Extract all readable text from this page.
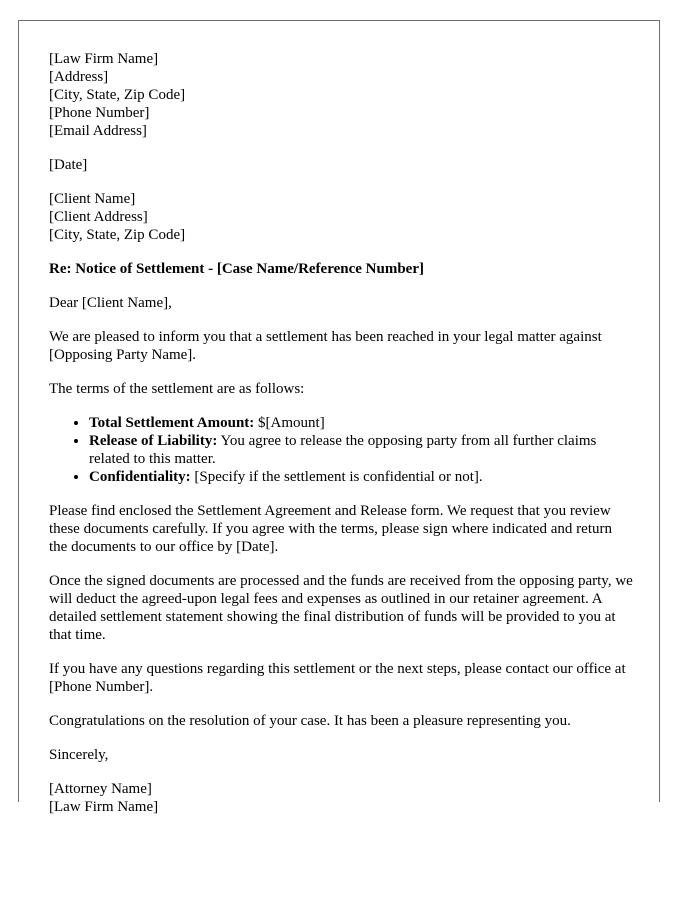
[Law Firm Name]
[Address]
[City, State, Zip Code]
[Phone Number]
[Email Address]

[Date]

[Client Name]
[Client Address]
[City, State, Zip Code]

Re: Notice of Settlement - [Case Name/Reference Number]

Dear [Client Name],

We are pleased to inform you that a settlement has been reached in your legal matter against [Opposing Party Name].

The terms of the settlement are as follows:

• Total Settlement Amount: $[Amount]
• Release of Liability: You agree to release the opposing party from all further claims related to this matter.
• Confidentiality: [Specify if the settlement is confidential or not].

Please find enclosed the Settlement Agreement and Release form. We request that you review these documents carefully. If you agree with the terms, please sign where indicated and return the documents to our office by [Date].

Once the signed documents are processed and the funds are received from the opposing party, we will deduct the agreed-upon legal fees and expenses as outlined in our retainer agreement. A detailed settlement statement showing the final distribution of funds will be provided to you at that time.

If you have any questions regarding this settlement or the next steps, please contact our office at [Phone Number].

Congratulations on the resolution of your case. It has been a pleasure representing you.

Sincerely,

[Attorney Name]
[Law Firm Name]
